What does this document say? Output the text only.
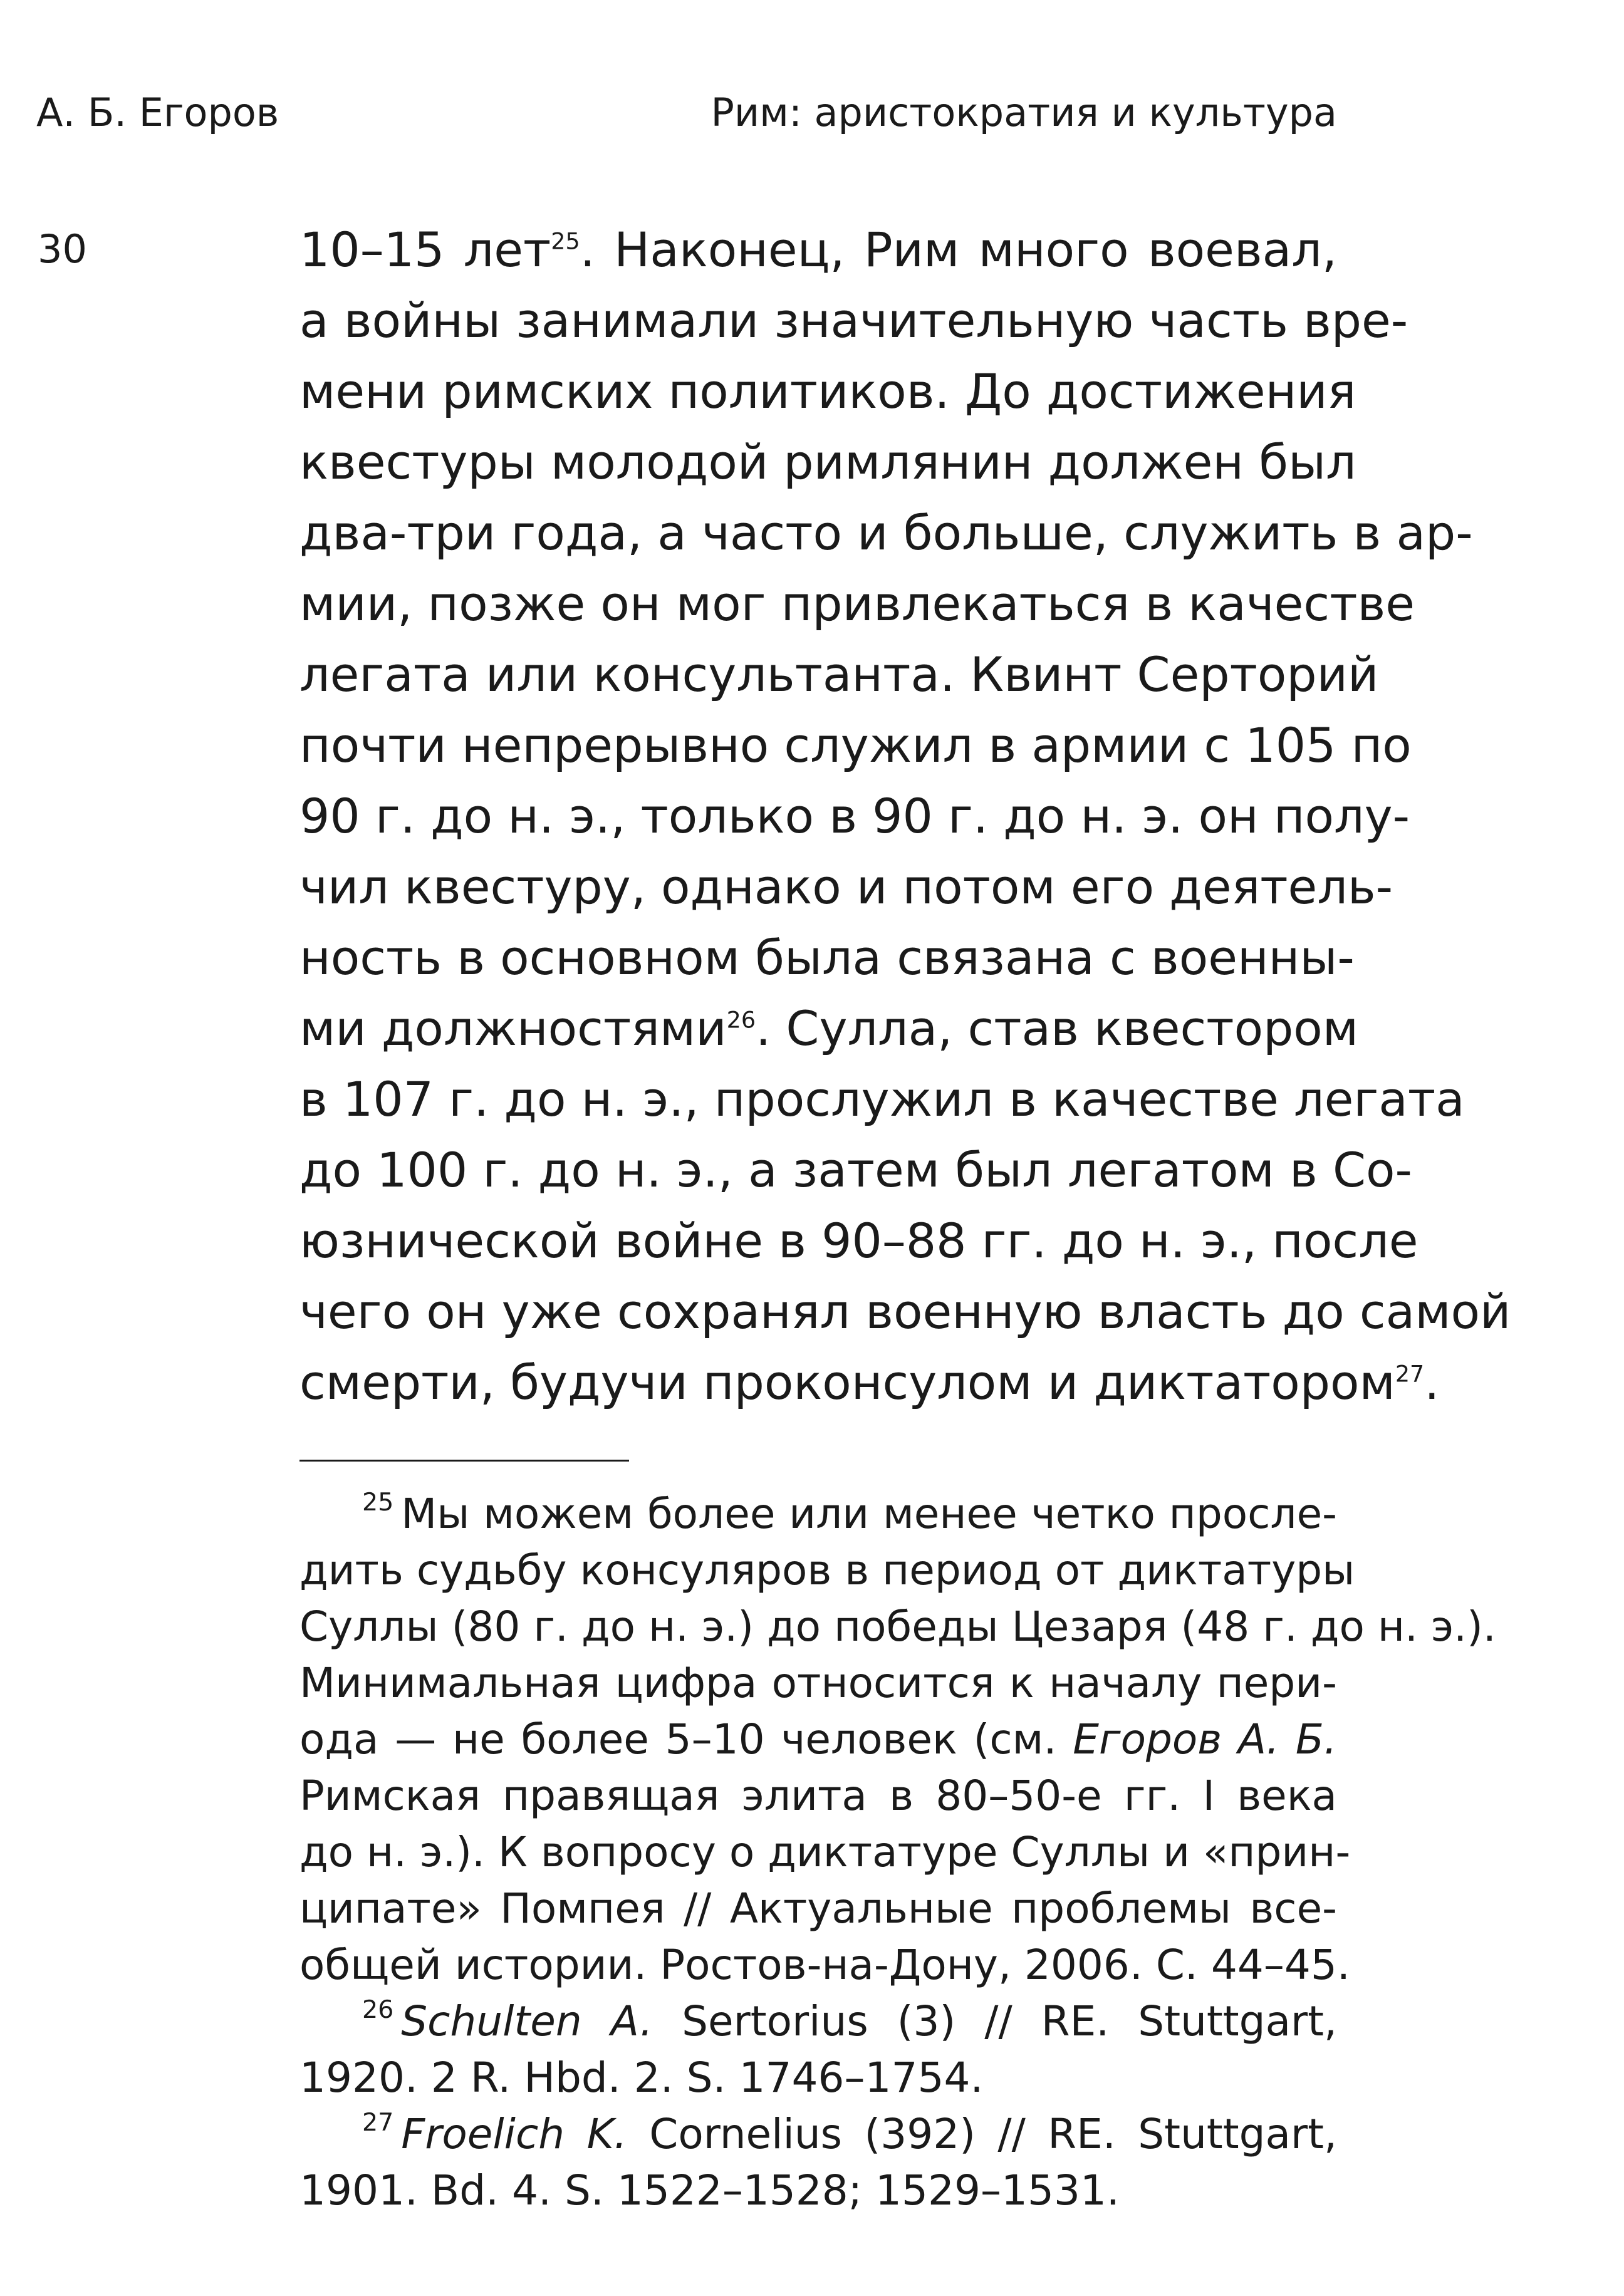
А. Б. Егоров	Рим: аристократия и культура
30	10–15 лет$^{25}$. Наконец, Рим много воевал,
а войны занимали значительную часть вре-
мени римских политиков. До достижения
квестуры молодой римлянин должен был
два-три года, а часто и больше, служить в ар-
мии, позже он мог привлекаться в качестве
легата или консультанта. Квинт Серторий
почти непрерывно служил в армии с 105 по
90 г. до н. э., только в 90 г. до н. э. он полу-
чил квестуру, однако и потом его деятель-
ность в основном была связана с военны-
ми должностями$^{26}$. Сулла, став квестором
в 107 г. до н. э., прослужил в качестве легата
до 100 г. до н. э., а затем был легатом в Со-
юзнической войне в 90–88 гг. до н. э., после
чего он уже сохранял военную власть до самой
смерти, будучи проконсулом и диктатором$^{27}$.
$^{25}$ Мы можем более или менее четко просле-
дить судьбу консуляров в период от диктатуры
Суллы (80 г. до н. э.) до победы Цезаря (48 г. до н. э.).
Минимальная цифра относится к началу пери-
ода — не более 5–10 человек (см. Егоров А. Б.
Римская правящая элита в 80–50-е гг. I века
до н. э.). К вопросу о диктатуре Суллы и «прин-
ципате» Помпея // Актуальные проблемы все-
общей истории. Ростов-на-Дону, 2006. С. 44–45.
$^{26}$ Schulten A. Sertorius (3) // RE. Stuttgart,
1920. 2 R. Hbd. 2. S. 1746–1754.
$^{27}$ Froelich K. Cornelius (392) // RE. Stuttgart,
1901. Bd. 4. S. 1522–1528; 1529–1531.
